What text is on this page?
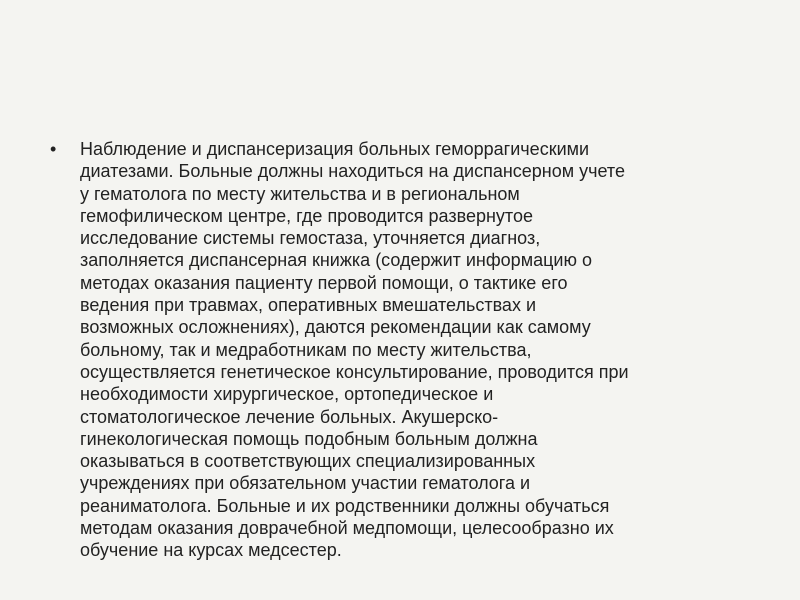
• Наблюдение и диспансеризация больных геморрагическими
диатезами. Больные должны находиться на диспансерном учете
у гематолога по месту жительства и в региональном
гемофилическом центре, где проводится развернутое
исследование системы гемостаза, уточняется диагноз,
заполняется диспансерная книжка (содержит информацию о
методах оказания пациенту первой помощи, о тактике его
ведения при травмах, оперативных вмешательствах и
возможных осложнениях), даются рекомендации как самому
больному, так и медработникам по месту жительства,
осуществляется генетическое консультирование, проводится при
необходимости хирургическое, ортопедическое и
стоматологическое лечение больных. Акушерско-
гинекологическая помощь подобным больным должна
оказываться в соответствующих специализированных
учреждениях при обязательном участии гематолога и
реаниматолога. Больные и их родственники должны обучаться
методам оказания доврачебной медпомощи, целесообразно их
обучение на курсах медсестер.
